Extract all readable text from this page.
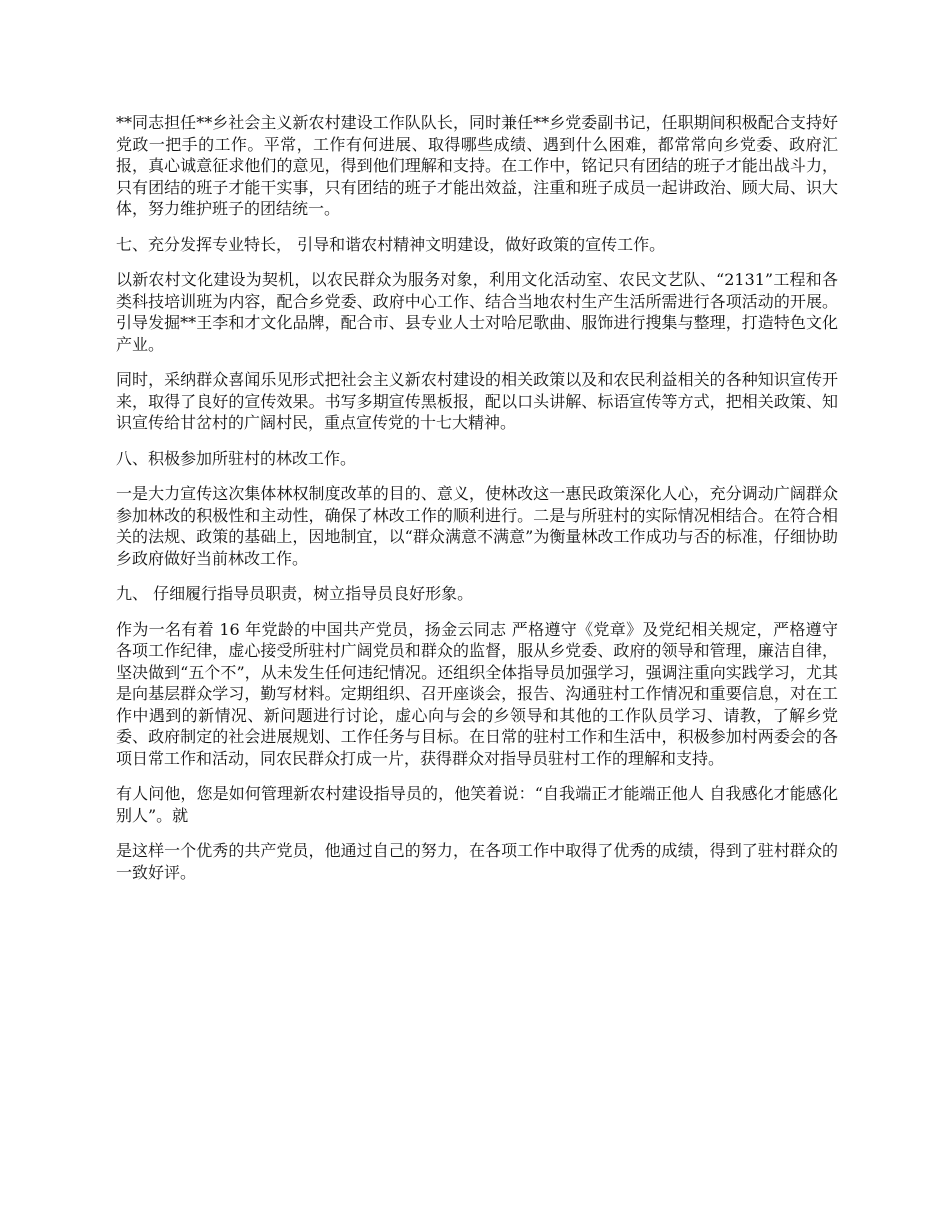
**同志担任**乡社会主义新农村建设工作队队长，同时兼任**乡党委副书记，任职期间积极配合支持好党政一把手的工作。平常，工作有何进展、取得哪些成绩、遇到什么困难，都常常向乡党委、政府汇报，真心诚意征求他们的意见，得到他们理解和支持。在工作中，铭记只有团结的班子才能出战斗力，只有团结的班子才能干实事，只有团结的班子才能出效益，注重和班子成员一起讲政治、顾大局、识大体，努力维护班子的团结统一。

七、充分发挥专业特长， 引导和谐农村精神文明建设，做好政策的宣传工作。

以新农村文化建设为契机，以农民群众为服务对象，利用文化活动室、农民文艺队、“2131”工程和各类科技培训班为内容，配合乡党委、政府中心工作、结合当地农村生产生活所需进行各项活动的开展。引导发掘**王李和才文化品牌，配合市、县专业人士对哈尼歌曲、服饰进行搜集与整理，打造特色文化产业。

同时，采纳群众喜闻乐见形式把社会主义新农村建设的相关政策以及和农民利益相关的各种知识宣传开来，取得了良好的宣传效果。书写多期宣传黑板报，配以口头讲解、标语宣传等方式，把相关政策、知识宣传给甘岔村的广阔村民，重点宣传党的十七大精神。

八、积极参加所驻村的林改工作。

一是大力宣传这次集体林权制度改革的目的、意义，使林改这一惠民政策深化人心，充分调动广阔群众参加林改的积极性和主动性，确保了林改工作的顺利进行。二是与所驻村的实际情况相结合。在符合相关的法规、政策的基础上，因地制宜，以“群众满意不满意”为衡量林改工作成功与否的标准，仔细协助乡政府做好当前林改工作。

九、 仔细履行指导员职责，树立指导员良好形象。

作为一名有着 16 年党龄的中国共产党员，扬金云同志 严格遵守《党章》及党纪相关规定，严格遵守各项工作纪律，虚心接受所驻村广阔党员和群众的监督，服从乡党委、政府的领导和管理，廉洁自律，坚决做到“五个不”，从未发生任何违纪情况。还组织全体指导员加强学习，强调注重向实践学习，尤其是向基层群众学习，勤写材料。定期组织、召开座谈会，报告、沟通驻村工作情况和重要信息，对在工作中遇到的新情况、新问题进行讨论，虚心向与会的乡领导和其他的工作队员学习、请教，了解乡党委、政府制定的社会进展规划、工作任务与目标。在日常的驻村工作和生活中，积极参加村两委会的各项日常工作和活动，同农民群众打成一片，获得群众对指导员驻村工作的理解和支持。

有人问他，您是如何管理新农村建设指导员的，他笑着说：“自我端正才能端正他人 自我感化才能感化别人”。就

是这样一个优秀的共产党员，他通过自己的努力，在各项工作中取得了优秀的成绩，得到了驻村群众的一致好评。
